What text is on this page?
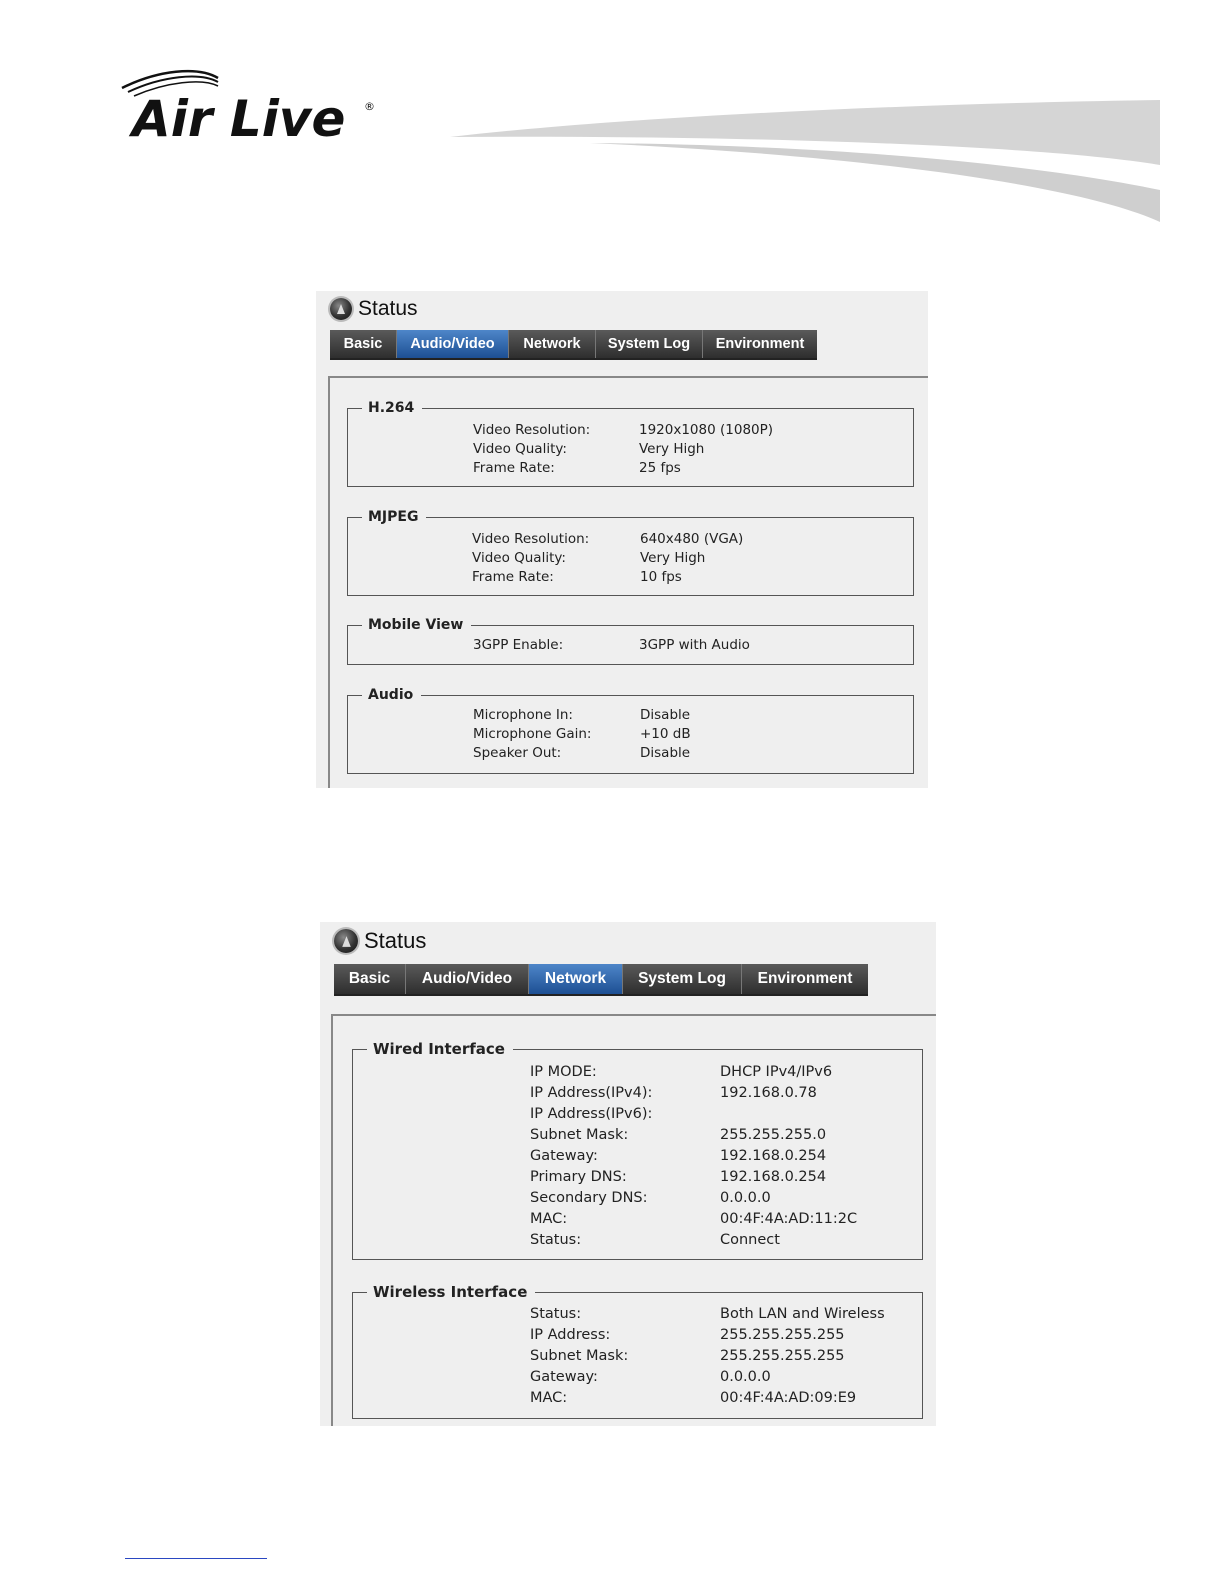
Air Live ®
Status
Basic	Audio/Video	Network	System Log	Environment
H.264
Video Resolution:	1920x1080 (1080P)
Video Quality:	Very High
Frame Rate:	25 fps
MJPEG
Video Resolution:	640x480 (VGA)
Video Quality:	Very High
Frame Rate:	10 fps
Mobile View
3GPP Enable:	3GPP with Audio
Audio
Microphone In:	Disable
Microphone Gain:	+10 dB
Speaker Out:	Disable
Status
Basic	Audio/Video	Network	System Log	Environment
Wired Interface
IP MODE:	DHCP IPv4/IPv6
IP Address(IPv4):	192.168.0.78
IP Address(IPv6):
Subnet Mask:	255.255.255.0
Gateway:	192.168.0.254
Primary DNS:	192.168.0.254
Secondary DNS:	0.0.0.0
MAC:	00:4F:4A:AD:11:2C
Status:	Connect
Wireless Interface
Status:	Both LAN and Wireless
IP Address:	255.255.255.255
Subnet Mask:	255.255.255.255
Gateway:	0.0.0.0
MAC:	00:4F:4A:AD:09:E9
